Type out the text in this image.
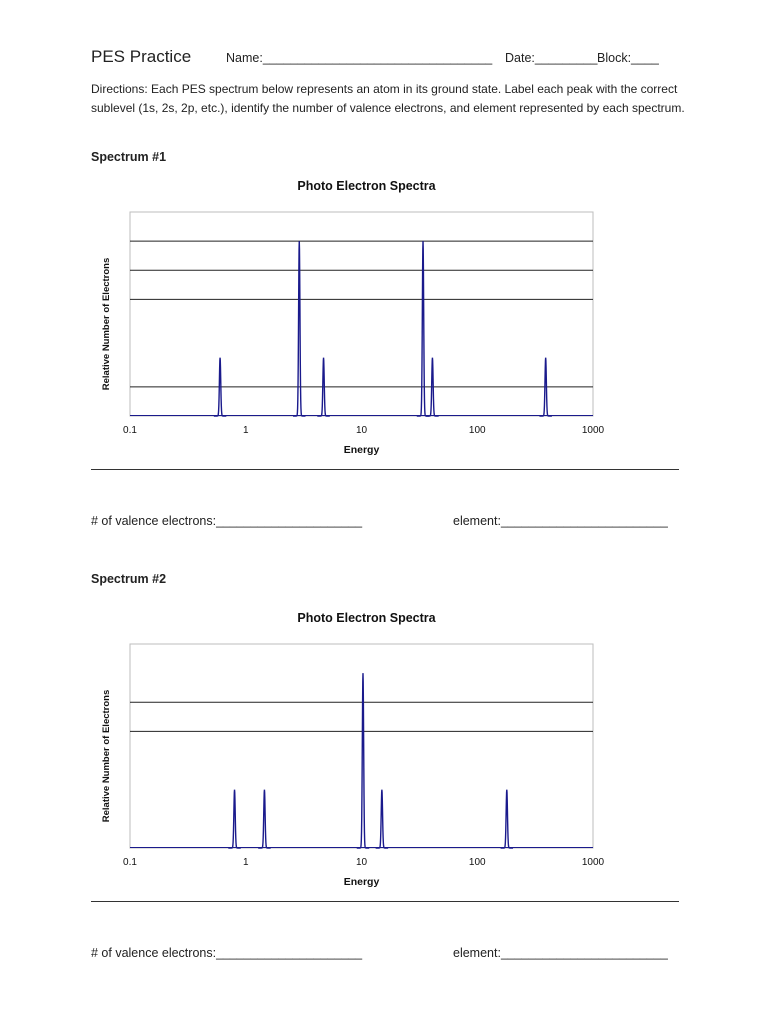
PES Practice	Name:_________________________________ Date:_________ Block:____
Directions: Each PES spectrum below represents an atom in its ground state. Label each peak with the correct sublevel (1s, 2s, 2p, etc.), identify the number of valence electrons, and element represented by each spectrum.
Spectrum #1
Photo Electron Spectra
0.1	1	10	100	1000
Energy
Relative Number of Electrons
# of valence electrons:_____________________	element:________________________
Spectrum #2
Photo Electron Spectra
0.1	1	10	100	1000
Energy
Relative Number of Electrons
# of valence electrons:_____________________	element:________________________
